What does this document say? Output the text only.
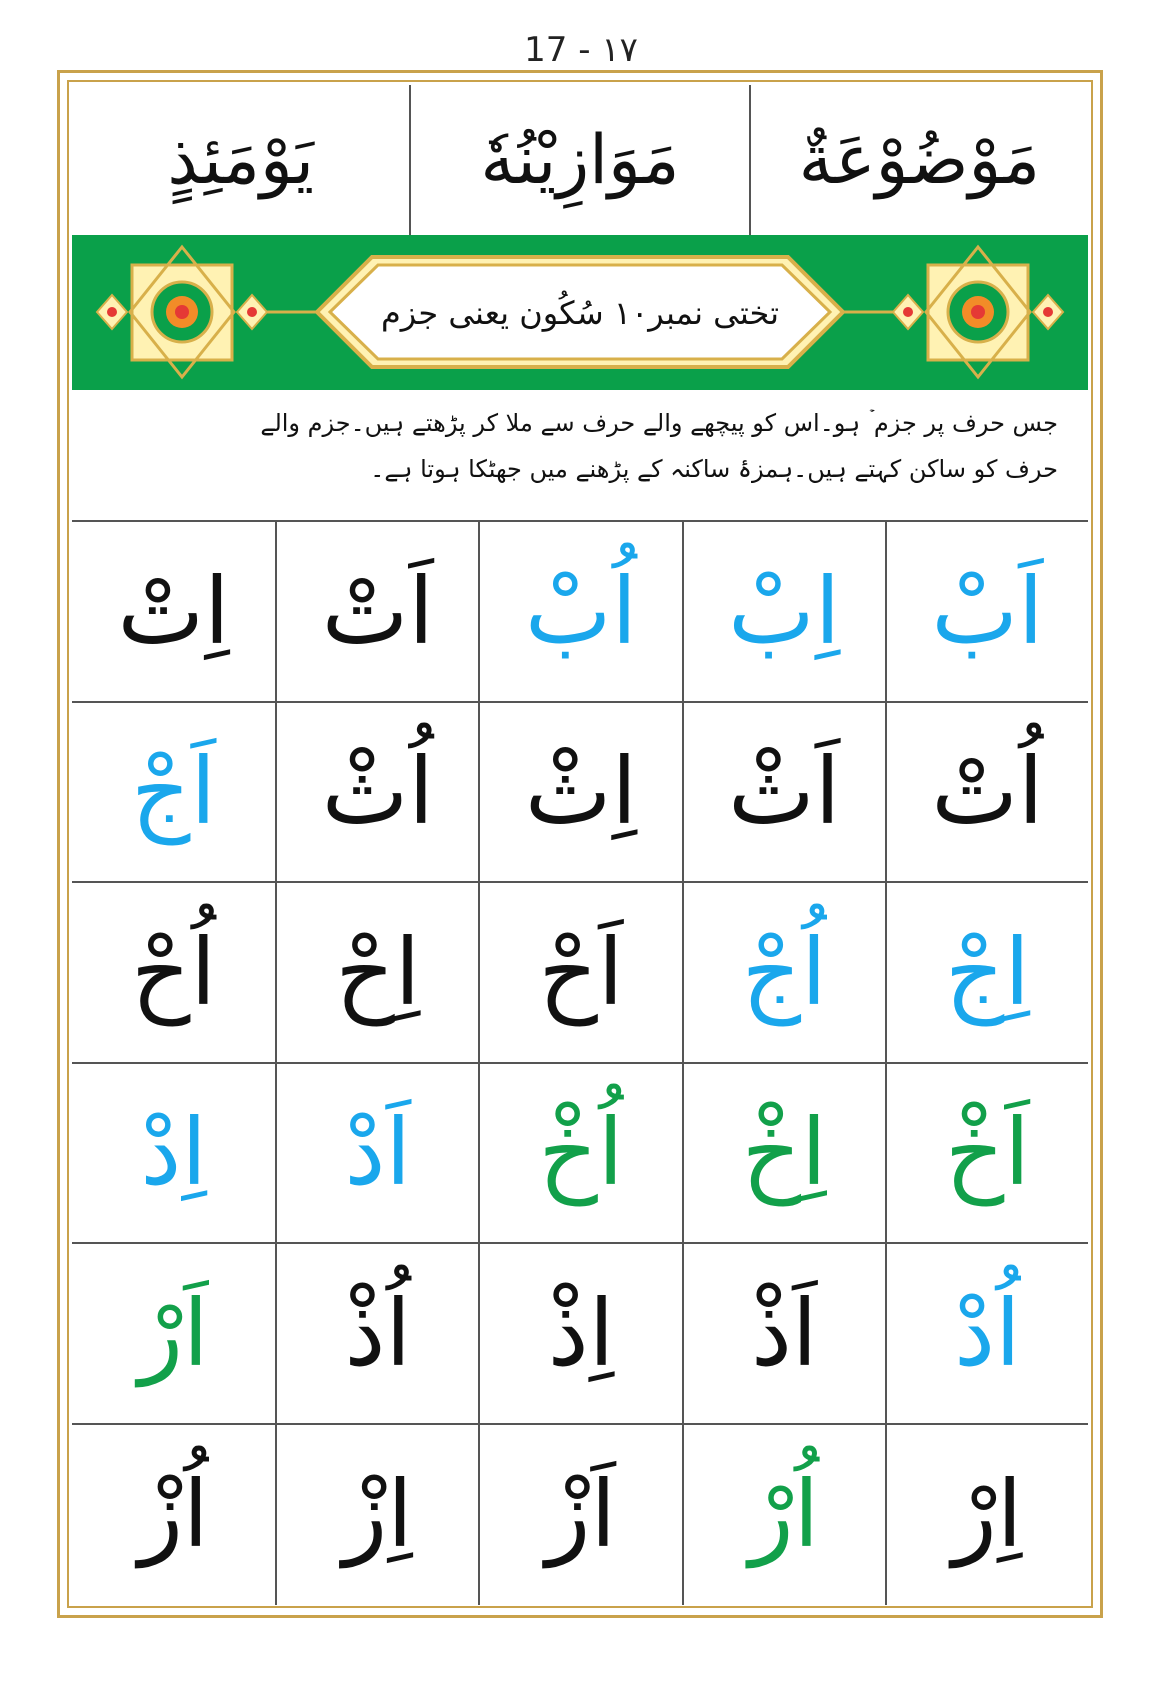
17 - ١٧
مَوْضُوْعَةٌ
مَوَازِيْنُهٗ
يَوْمَئِذٍ
تختی نمبر۱۰ سُکُون یعنی جزم
جس حرف پر جزم ۡ ہو۔اس کو پیچھے والے حرف سے ملا کر پڑھتے ہیں۔جزم والے
حرف کو ساکن کہتے ہیں۔ہمزۂ ساکنہ کے پڑھنے میں جھٹکا ہوتا ہے۔
اَبْ
اِبْ
اُبْ
اَتْ
اِتْ
اُتْ
اَثْ
اِثْ
اُثْ
اَجْ
اِجْ
اُجْ
اَحْ
اِحْ
اُحْ
اَخْ
اِخْ
اُخْ
اَدْ
اِدْ
اُدْ
اَذْ
اِذْ
اُذْ
اَرْ
اِرْ
اُرْ
اَزْ
اِزْ
اُزْ
